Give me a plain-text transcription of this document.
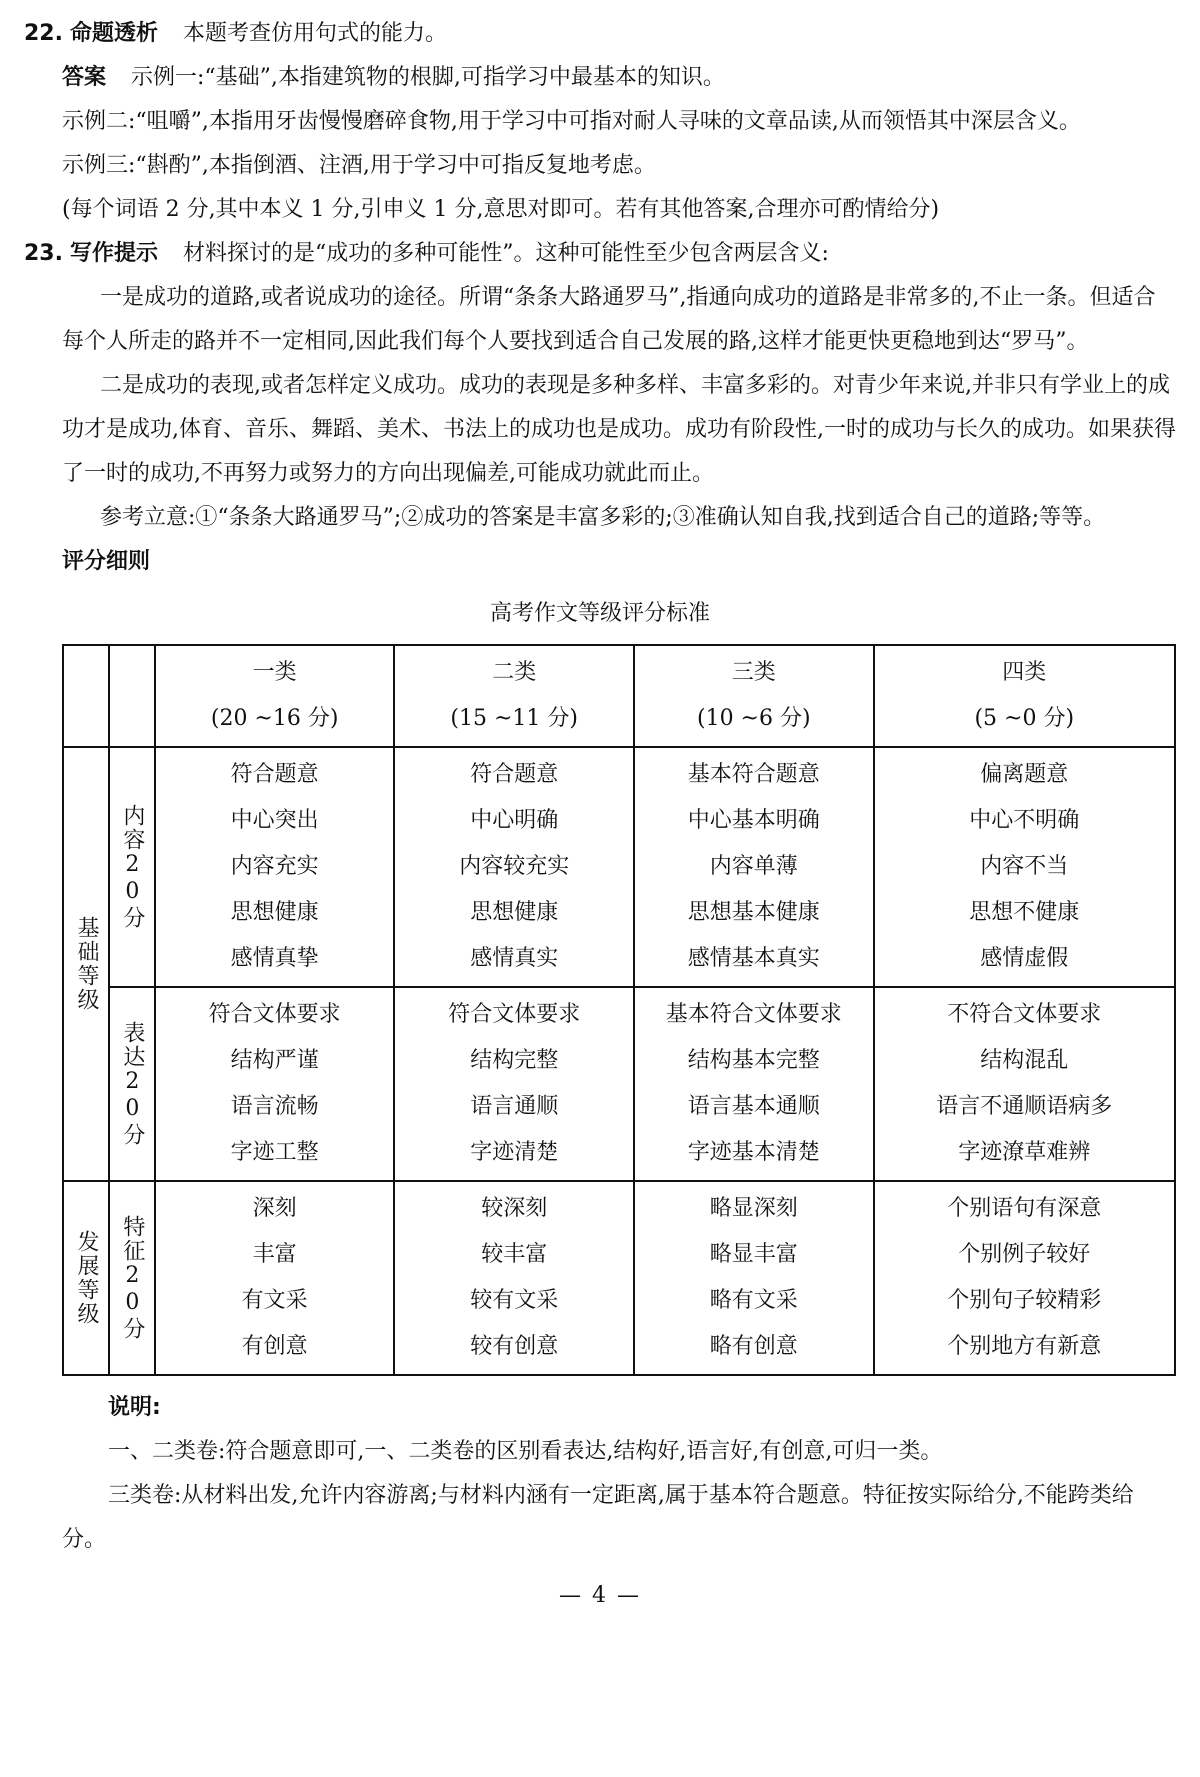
22. 命题透析 本题考查仿用句式的能力。

答案 示例一:“基础”,本指建筑物的根脚,可指学习中最基本的知识。

示例二:“咀嚼”,本指用牙齿慢慢磨碎食物,用于学习中可指对耐人寻味的文章品读,从而领悟其中深层含义。

示例三:“斟酌”,本指倒酒、注酒,用于学习中可指反复地考虑。

(每个词语 2 分,其中本义 1 分,引申义 1 分,意思对即可。若有其他答案,合理亦可酌情给分)

23. 写作提示 材料探讨的是“成功的多种可能性”。这种可能性至少包含两层含义:

一是成功的道路,或者说成功的途径。所谓“条条大路通罗马”,指通向成功的道路是非常多的,不止一条。但适合每个人所走的路并不一定相同,因此我们每个人要找到适合自己发展的路,这样才能更快更稳地到达“罗马”。

二是成功的表现,或者怎样定义成功。成功的表现是多种多样、丰富多彩的。对青少年来说,并非只有学业上的成功才是成功,体育、音乐、舞蹈、美术、书法上的成功也是成功。成功有阶段性,一时的成功与长久的成功。如果获得了一时的成功,不再努力或努力的方向出现偏差,可能成功就此而止。

参考立意:①“条条大路通罗马”;②成功的答案是丰富多彩的;③准确认知自我,找到适合自己的道路;等等。

评分细则

高考作文等级评分标准

		一类
(20 ~16 分)	二类
(15 ~11 分)	三类
(10 ~6 分)	四类
(5 ~0 分)

基础等级	内容20分	符合题意
中心突出
内容充实
思想健康
感情真挚	符合题意
中心明确
内容较充实
思想健康
感情真实	基本符合题意
中心基本明确
内容单薄
思想基本健康
感情基本真实	偏离题意
中心不明确
内容不当
思想不健康
感情虚假

	表达20分	符合文体要求
结构严谨
语言流畅
字迹工整	符合文体要求
结构完整
语言通顺
字迹清楚	基本符合文体要求
结构基本完整
语言基本通顺
字迹基本清楚	不符合文体要求
结构混乱
语言不通顺语病多
字迹潦草难辨

发展等级	特征20分	深刻
丰富
有文采
有创意	较深刻
较丰富
较有文采
较有创意	略显深刻
略显丰富
略有文采
略有创意	个别语句有深意
个别例子较好
个别句子较精彩
个别地方有新意

说明:

一、二类卷:符合题意即可,一、二类卷的区别看表达,结构好,语言好,有创意,可归一类。

三类卷:从材料出发,允许内容游离;与材料内涵有一定距离,属于基本符合题意。特征按实际给分,不能跨类给分。

— 4 —
